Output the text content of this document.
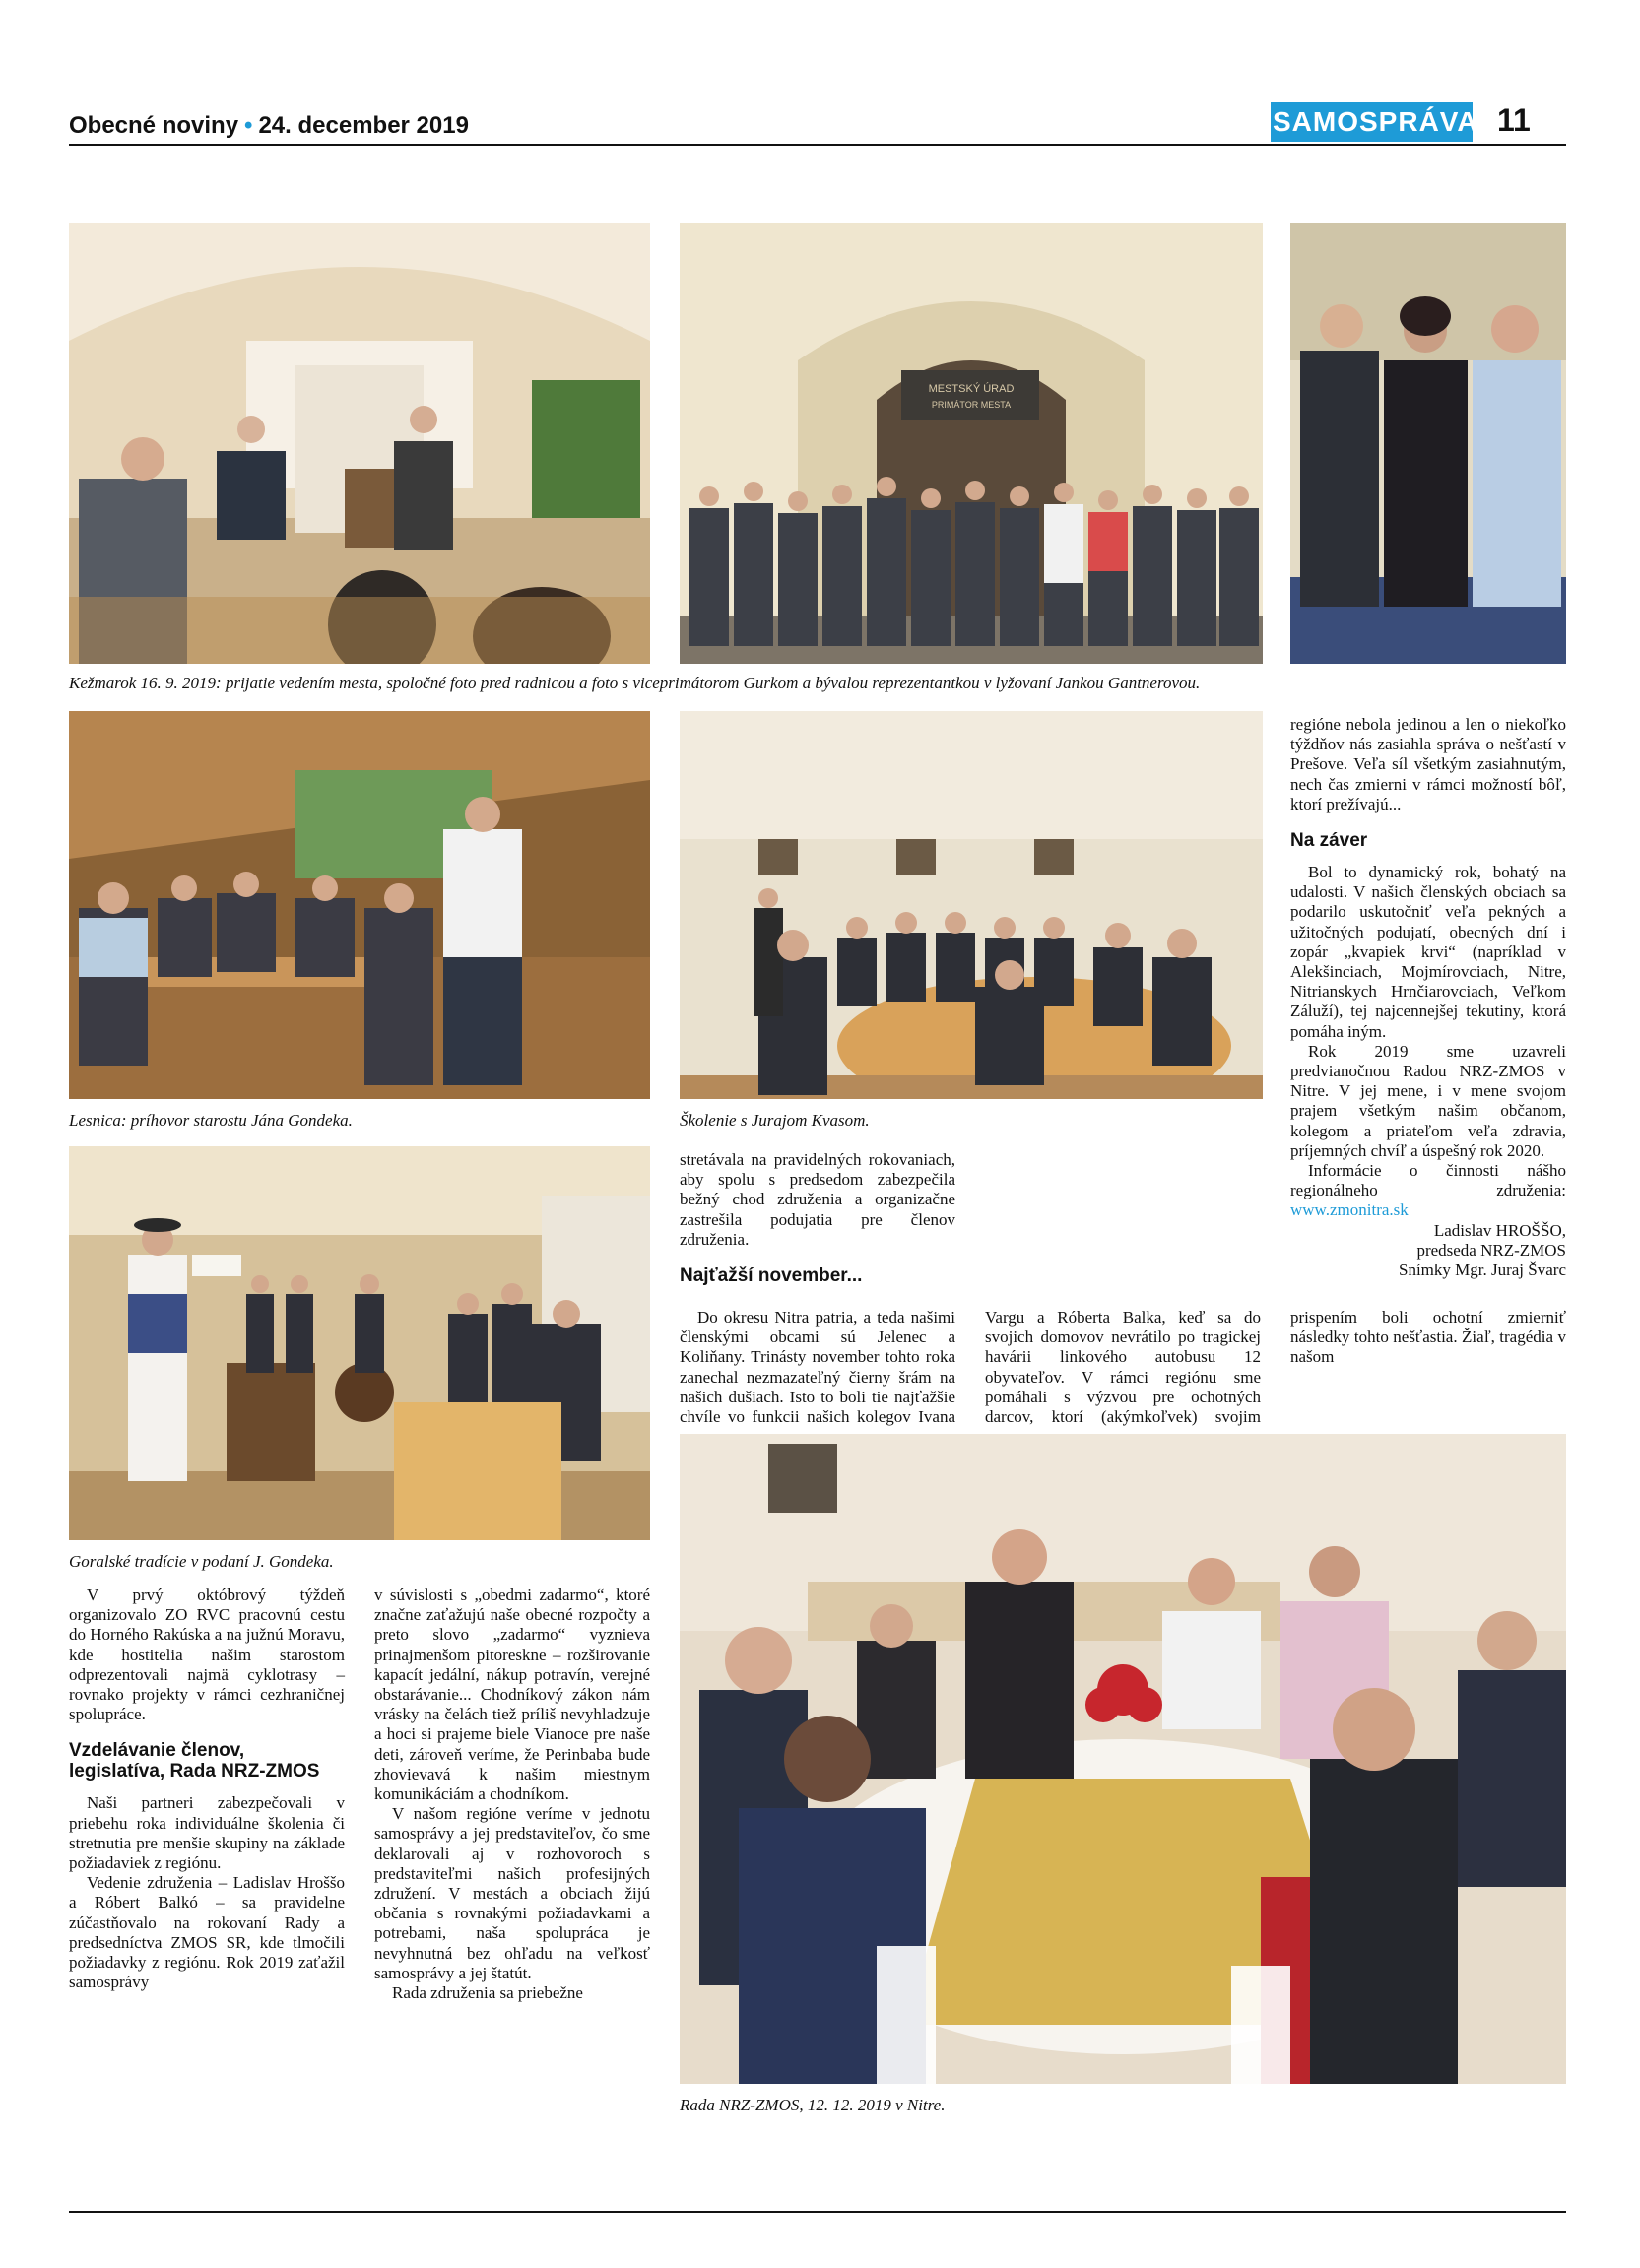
Obecné noviny • 24. december 2019	SAMOSPRÁVA 11
MESTSKÝ ÚRAD
PRIMÁTOR MESTA
Kežmarok 16. 9. 2019: prijatie vedením mesta, spoločné foto pred radnicou a foto s viceprimátorom Gurkom a bývalou reprezentantkou v lyžovaní Jankou Gantnerovou.
Lesnica: príhovor starostu Jána Gondeka.	Školenie s Jurajom Kvasom.
Goralské tradície v podaní J. Gondeka.
Rada NRZ-ZMOS, 12. 12. 2019 v Nitre.

regióne nebola jedinou a len o niekoľko týždňov nás zasiahla správa o nešťastí v Prešove. Veľa síl všetkým zasiahnutým, nech čas zmierni v rámci možností bôľ, ktorí prežívajú...

Na záver

Bol to dynamický rok, bohatý na udalosti. V našich členských obciach sa podarilo uskutočniť veľa pekných a užitočných podujatí, obecných dní i zopár „kvapiek krvi“ (napríklad v Alekšinciach, Mojmírovciach, Nitre, Nitrianskych Hrnčiarovciach, Veľkom Záluží), tej najcennejšej tekutiny, ktorá pomáha iným.

Rok 2019 sme uzavreli predvianočnou Radou NRZ-ZMOS v Nitre. V jej mene, i v mene svojom prajem všetkým našim občanom, kolegom a priateľom veľa zdravia, príjemných chvíľ a úspešný rok 2020.

Informácie o činnosti nášho regionálneho združenia: www.zmonitra.sk

Ladislav HROŠŠO,

predseda NRZ-ZMOS

Snímky Mgr. Juraj Švarc

stretávala na pravidelných rokovaniach, aby spolu s predsedom zabezpečila bežný chod združenia a organizačne zastrešila podujatia pre členov združenia.

Najťažší november...

Do okresu Nitra patria, a teda našimi členskými obcami sú Jelenec a Koliňany. Trinásty november tohto roka zanechal nezmazateľný čierny šrám na našich dušiach. Isto to boli tie najťažšie chvíle vo funkcii našich kolegov Ivana Vargu a Róberta Balka, keď sa do svojich domovov nevrátilo po tragickej havárii linkového autobusu 12 obyvateľov. V rámci regiónu sme pomáhali s výzvou pre ochotných darcov, ktorí (akýmkoľvek) svojim prispením boli ochotní zmierniť následky tohto nešťastia. Žiaľ, tragédia v našom

V prvý októbrový týždeň organizovalo ZO RVC pracovnú cestu do Horného Rakúska a na južnú Moravu, kde hostitelia našim starostom odprezentovali najmä cyklotrasy – rovnako projekty v rámci cezhraničnej spolupráce.

Vzdelávanie členov, legislatíva, Rada NRZ-ZMOS

Naši partneri zabezpečovali v priebehu roka individuálne školenia či stretnutia pre menšie skupiny na základe požiadaviek z regiónu.

Vedenie združenia – Ladislav Hroššo a Róbert Balkó – sa pravidelne zúčastňovalo na rokovaní Rady a predsedníctva ZMOS SR, kde tlmočili požiadavky z regiónu. Rok 2019 zaťažil samosprávy

v súvislosti s „obedmi zadarmo“, ktoré značne zaťažujú naše obecné rozpočty a preto slovo „zadarmo“ vyznieva prinajmenšom pitoreskne – rozširovanie kapacít jedální, nákup potravín, verejné obstarávanie... Chodníkový zákon nám vrásky na čelách tiež príliš nevyhladzuje a hoci si prajeme biele Vianoce pre naše deti, zároveň veríme, že Perinbaba bude zhovievavá k našim miestnym komunikáciám a chodníkom.

V našom regióne veríme v jednotu samosprávy a jej predstaviteľov, čo sme deklarovali aj v rozhovoroch s predstaviteľmi našich profesijných združení. V mestách a obciach žijú občania s rovnakými požiadavkami a potrebami, naša spolupráca je nevyhnutná bez ohľadu na veľkosť samosprávy a jej štatút.

Rada združenia sa priebežne
